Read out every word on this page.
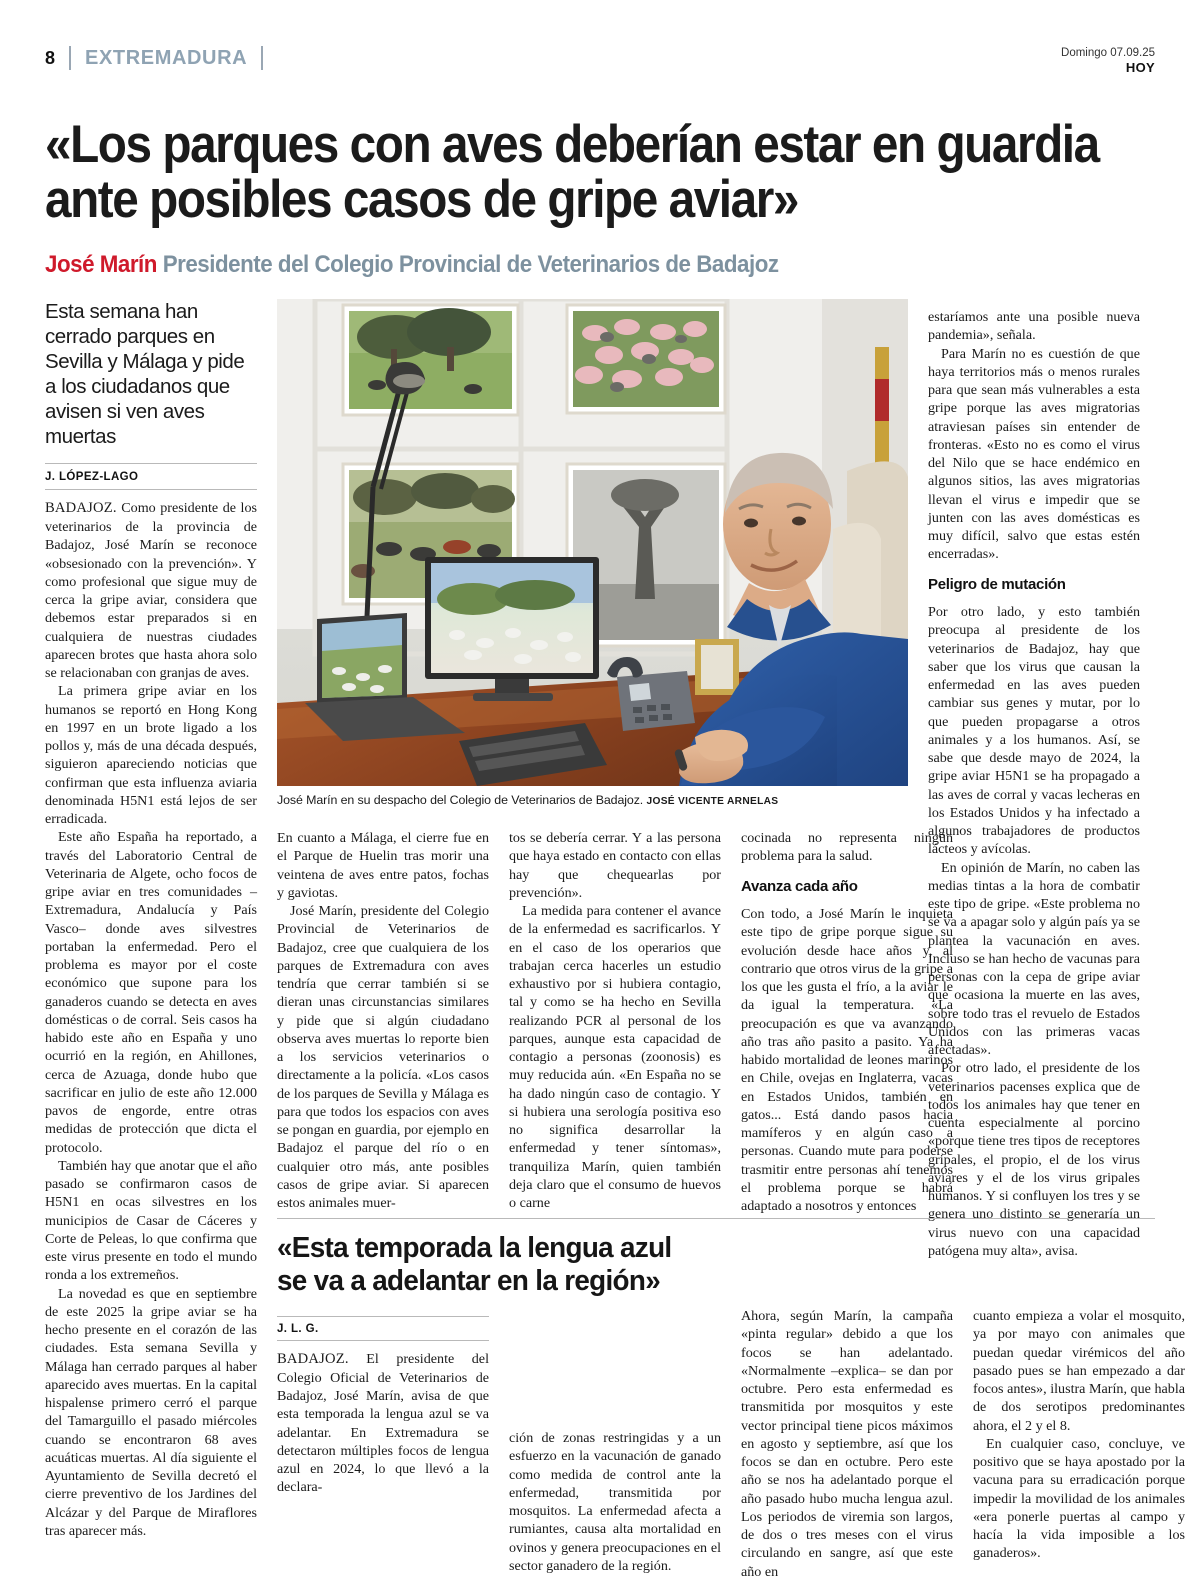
8	EXTREMADURA	Domingo 07.09.25
HOY
«Los parques con aves deberían estar en guardia ante posibles casos de gripe aviar»
José Marín Presidente del Colegio Provincial de Veterinarios de Badajoz
Esta semana han cerrado parques en Sevilla y Málaga y pide a los ciudadanos que avisen si ven aves muertas
J. LÓPEZ-LAGO

BADAJOZ. Como presidente de los veterinarios de la provincia de Badajoz, José Marín se reconoce «obsesionado con la prevención». Y como profesional que sigue muy de cerca la gripe aviar, considera que debemos estar preparados si en cualquiera de nuestras ciudades aparecen brotes que hasta ahora solo se relacionaban con granjas de aves.

La primera gripe aviar en los humanos se reportó en Hong Kong en 1997 en un brote ligado a los pollos y, más de una década después, siguieron apareciendo noticias que confirman que esta influenza aviaria denominada H5N1 está lejos de ser erradicada.

Este año España ha reportado, a través del Laboratorio Central de Veterinaria de Algete, ocho focos de gripe aviar en tres comunidades –Extremadura, Andalucía y País Vasco– donde aves silvestres portaban la enfermedad. Pero el problema es mayor por el coste económico que supone para los ganaderos cuando se detecta en aves domésticas o de corral. Seis casos ha habido este año en España y uno ocurrió en la región, en Ahillones, cerca de Azuaga, donde hubo que sacrificar en julio de este año 12.000 pavos de engorde, entre otras medidas de protección que dicta el protocolo.

También hay que anotar que el año pasado se confirmaron casos de H5N1 en ocas silvestres en los municipios de Casar de Cáceres y Corte de Peleas, lo que confirma que este virus presente en todo el mundo ronda a los extremeños.

La novedad es que en septiembre de este 2025 la gripe aviar se ha hecho presente en el corazón de las ciudades. Esta semana Sevilla y Málaga han cerrado parques al haber aparecido aves muertas. En la capital hispalense primero cerró el parque del Tamarguillo el pasado miércoles cuando se encontraron 68 aves acuáticas muertas. Al día siguiente el Ayuntamiento de Sevilla decretó el cierre preventivo de los Jardines del Alcázar y del Parque de Miraflores tras aparecer más.

José Marín en su despacho del Colegio de Veterinarios de Badajoz. JOSÉ VICENTE ARNELAS

En cuanto a Málaga, el cierre fue en el Parque de Huelin tras morir una veintena de aves entre patos, fochas y gaviotas.

José Marín, presidente del Colegio Provincial de Veterinarios de Badajoz, cree que cualquiera de los parques de Extremadura con aves tendría que cerrar también si se dieran unas circunstancias similares y pide que si algún ciudadano observa aves muertas lo reporte bien a los servicios veterinarios o directamente a la policía. «Los casos de los parques de Sevilla y Málaga es para que todos los espacios con aves se pongan en guardia, por ejemplo en Badajoz el parque del río o en cualquier otro más, ante posibles casos de gripe aviar. Si aparecen estos animales muer-

tos se debería cerrar. Y a las persona que haya estado en contacto con ellas hay que chequearlas por prevención».

La medida para contener el avance de la enfermedad es sacrificarlos. Y en el caso de los operarios que trabajan cerca hacerles un estudio exhaustivo por si hubiera contagio, tal y como se ha hecho en Sevilla realizando PCR al personal de los parques, aunque esta capacidad de contagio a personas (zoonosis) es muy reducida aún. «En España no se ha dado ningún caso de contagio. Y si hubiera una serología positiva eso no significa desarrollar la enfermedad y tener síntomas», tranquiliza Marín, quien también deja claro que el consumo de huevos o carne

cocinada no representa ningún problema para la salud.

Avanza cada año

Con todo, a José Marín le inquieta este tipo de gripe porque sigue su evolución desde hace años y, al contrario que otros virus de la gripe a los que les gusta el frío, a la aviar le da igual la temperatura. «La preocupación es que va avanzando año tras año pasito a pasito. Ya ha habido mortalidad de leones marinos en Chile, ovejas en Inglaterra, vacas en Estados Unidos, también en gatos... Está dando pasos hacia mamíferos y en algún caso a personas. Cuando mute para poderse trasmitir entre personas ahí tenemos el problema porque se habrá adaptado a nosotros y entonces

estaríamos ante una posible nueva pandemia», señala.

Para Marín no es cuestión de que haya territorios más o menos rurales para que sean más vulnerables a esta gripe porque las aves migratorias atraviesan países sin entender de fronteras. «Esto no es como el virus del Nilo que se hace endémico en algunos sitios, las aves migratorias llevan el virus e impedir que se junten con las aves domésticas es muy difícil, salvo que estas estén encerradas».

Peligro de mutación

Por otro lado, y esto también preocupa al presidente de los veterinarios de Badajoz, hay que saber que los virus que causan la enfermedad en las aves pueden cambiar sus genes y mutar, por lo que pueden propagarse a otros animales y a los humanos. Así, se sabe que desde mayo de 2024, la gripe aviar H5N1 se ha propagado a las aves de corral y vacas lecheras en los Estados Unidos y ha infectado a algunos trabajadores de productos lácteos y avícolas.

En opinión de Marín, no caben las medias tintas a la hora de combatir este tipo de gripe. «Este problema no se va a apagar solo y algún país ya se plantea la vacunación en aves. Incluso se han hecho de vacunas para personas con la cepa de gripe aviar que ocasiona la muerte en las aves, sobre todo tras el revuelo de Estados Unidos con las primeras vacas afectadas».

Por otro lado, el presidente de los veterinarios pacenses explica que de todos los animales hay que tener en cuenta especialmente al porcino «porque tiene tres tipos de receptores gripales, el propio, el de los virus aviares y el de los virus gripales humanos. Y si confluyen los tres y se genera uno distinto se generaría un virus nuevo con una capacidad patógena muy alta», avisa.

«Esta temporada la lengua azul se va a adelantar en la región»
J. L. G.

BADAJOZ. El presidente del Colegio Oficial de Veterinarios de Badajoz, José Marín, avisa de que esta temporada la lengua azul se va adelantar. En Extremadura se detectaron múltiples focos de lengua azul en 2024, lo que llevó a la declara-

ción de zonas restringidas y a un esfuerzo en la vacunación de ganado como medida de control ante la enfermedad, transmitida por mosquitos. La enfermedad afecta a rumiantes, causa alta mortalidad en ovinos y genera preocupaciones en el sector ganadero de la región.

Ahora, según Marín, la campaña «pinta regular» debido a que los focos se han adelantado. «Normalmente –explica– se dan por octubre. Pero esta enfermedad es transmitida por mosquitos y este vector principal tiene picos máximos en agosto y septiembre, así que los focos se dan en octubre. Pero este año se nos ha adelantado porque el año pasado hubo mucha lengua azul. Los periodos de viremia son largos, de dos o tres meses con el virus circulando en sangre, así que este año en

cuanto empieza a volar el mosquito, ya por mayo con animales que puedan quedar virémicos del año pasado pues se han empezado a dar focos antes», ilustra Marín, que habla de dos serotipos predominantes ahora, el 2 y el 8.

En cualquier caso, concluye, ve positivo que se haya apostado por la vacuna para su erradicación porque impedir la movilidad de los animales «era ponerle puertas al campo y hacía la vida imposible a los ganaderos».
